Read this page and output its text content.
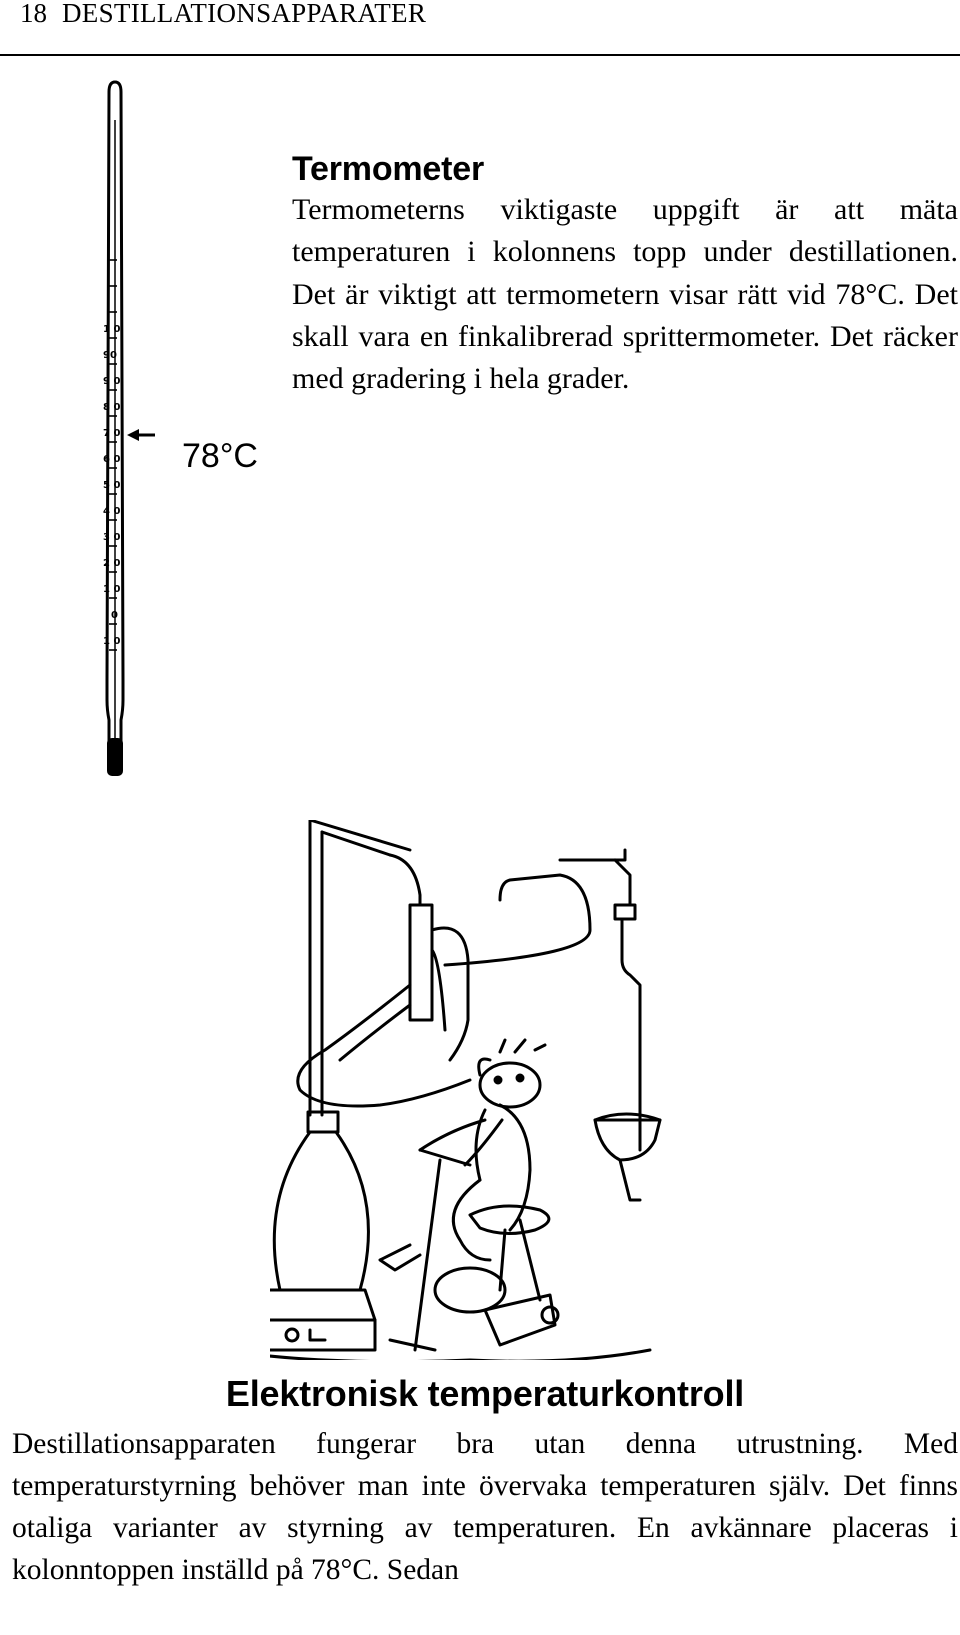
18 DESTILLATIONSAPPARATER
1 0
90
9 0
8 0
7 0
6 0
5 0
4 0
3 0
2 0
1 0
0
1 0
78°C
Termometer

Termometerns viktigaste uppgift är att mäta temperaturen i kolonnens topp under destillationen. Det är viktigt att termometern visar rätt vid 78°C. Det skall vara en finkalibrerad sprittermometer. Det räcker med gradering i hela grader.

Elektronisk temperaturkontroll

Destillationsapparaten fungerar bra utan denna utrustning. Med temperaturstyrning behöver man inte övervaka temperaturen själv. Det finns otaliga varianter av styrning av temperaturen. En avkännare placeras i kolonntoppen inställd på 78°C. Sedan
